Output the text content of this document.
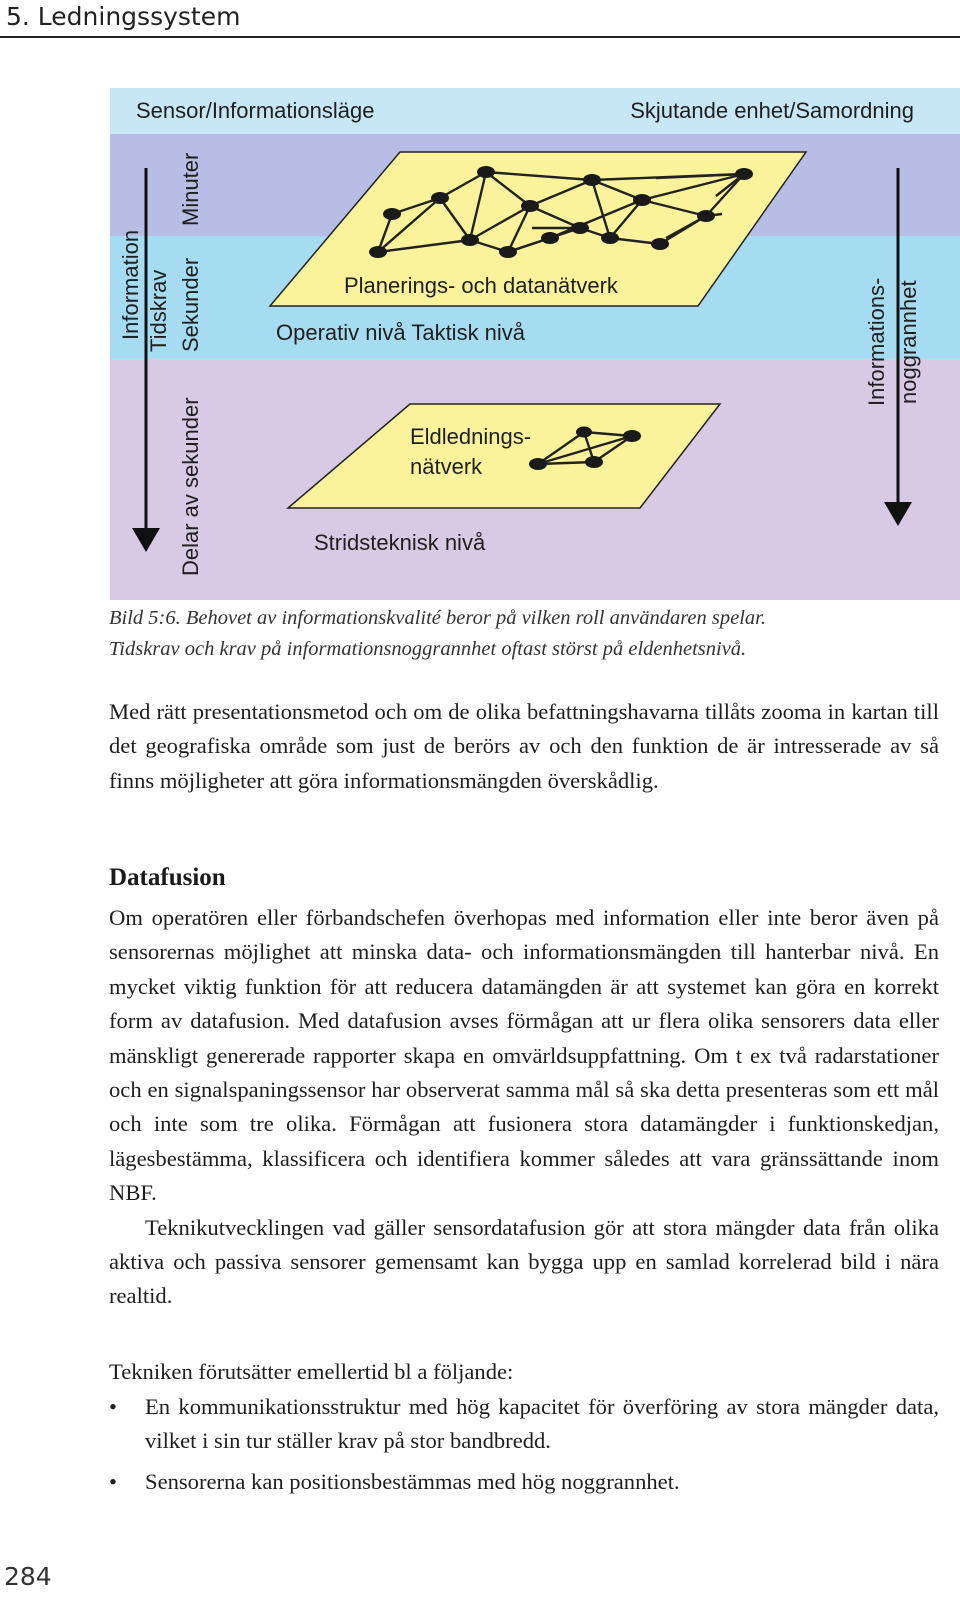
5. Ledningssystem
Sensor/Informationsläge	Skjutande enhet/Samordning
Planerings- och datanätverk
Operativ nivå Taktisk nivå
Eldlednings-
nätverk
Stridsteknisk nivå
Information Tidskrav
Minuter
Sekunder
Delar av sekunder
Informations- noggrannhet
Bild 5:6. Behovet av informationskvalité beror på vilken roll användaren spelar.
Tidskrav och krav på informationsnoggrannhet oftast störst på eldenhetsnivå.
Med rätt presentationsmetod och om de olika befattningshavarna tillåts zooma in kartan till det geografiska område som just de berörs av och den funktion de är intresserade av så finns möjligheter att göra informationsmängden överskådlig.
Datafusion

Om operatören eller förbandschefen överhopas med information eller inte beror även på sensorernas möjlighet att minska data- och informationsmängden till hanterbar nivå. En mycket viktig funktion för att reducera datamängden är att systemet kan göra en korrekt form av datafusion. Med datafusion avses förmågan att ur flera olika sensorers data eller mänskligt genererade rapporter skapa en omvärldsuppfattning. Om t ex två radarstationer och en signalspaningssensor har observerat samma mål så ska detta presenteras som ett mål och inte som tre olika. Förmågan att fusionera stora datamängder i funktionskedjan, lägesbestämma, klassificera och identifiera kommer således att vara gränssättande inom NBF.

Teknikutvecklingen vad gäller sensordatafusion gör att stora mängder data från olika aktiva och passiva sensorer gemensamt kan bygga upp en samlad korrelerad bild i nära realtid.

Tekniken förutsätter emellertid bl a följande:
• En kommunikationsstruktur med hög kapacitet för överföring av stora mängder data, vilket i sin tur ställer krav på stor bandbredd.
• Sensorerna kan positionsbestämmas med hög noggrannhet.
284
